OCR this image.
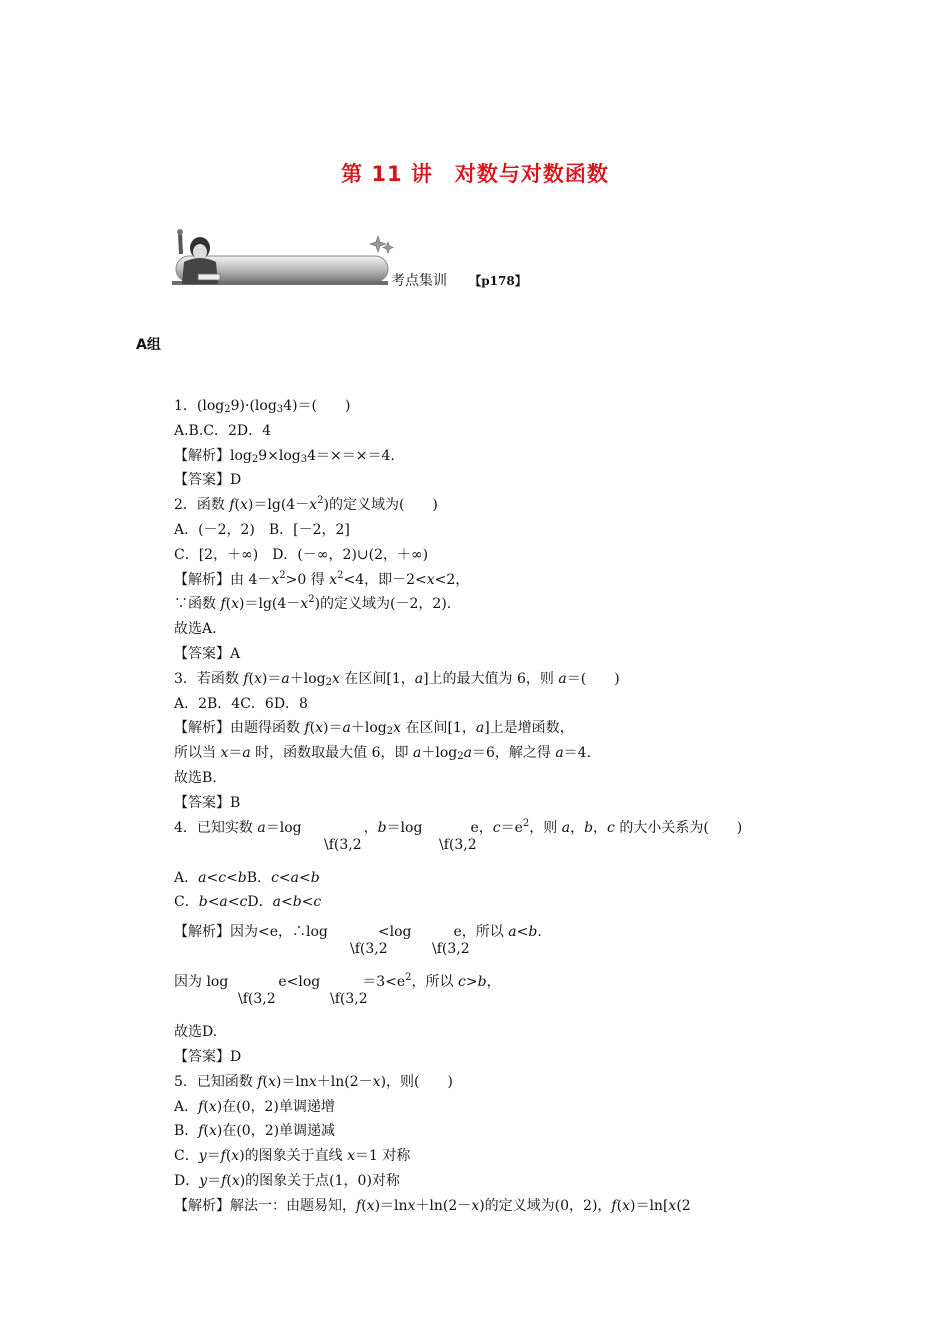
第 11 讲　对数与对数函数
考点集训 【p178】
A组
1．$(\log_29)\cdot(\log_34)=$(　　)
A.B.C．2D．4
【解析】$\log_29\times\log_34=\times=\times=4$.
【答案】D
2．函数 $f(x)=\lg(4-x^2)$的定义域为(　　)
A．(－2，2)　B．[－2，2]
C．[2，＋∞)　D．(－∞，2)∪(2，＋∞)
【解析】由 $4-x^2>0$ 得 $x^2<4$，即－2<x<2，
∵函数 $f(x)=\lg(4-x^2)$的定义域为(－2，2).
故选A.
【答案】A
3．若函数 $f(x)=a+\log_2x$ 在区间[1，a]上的最大值为 6，则 a＝(　　)
A．2B．4C．6D．8
【解析】由题得函数 $f(x)=a+\log_2x$ 在区间[1，a]上是增函数，
所以当 x＝a 时，函数取最大值 6，即 $a+\log_2a=6$，解之得 a＝4.
故选B.
【答案】B
4．已知实数 a＝log	，b＝log	e，$c=e^2$，则 a，b，c 的大小关系为(　　)
\f(3,2	\f(3,2
A．a<c<bB．c<a<b
C．b<a<cD．a<b<c
【解析】因为<e，∴log	<log	e，所以 a<b.
\f(3,2	\f(3,2
因为 log	e<log	$=3<e^2$，所以 c>b，
\f(3,2	\f(3,2
故选D.
【答案】D
5．已知函数 f(x)＝lnx＋ln(2－x)，则(　　)
A．f(x)在(0，2)单调递增
B．f(x)在(0，2)单调递减
C．y＝f(x)的图象关于直线 x＝1 对称
D．y＝f(x)的图象关于点(1，0)对称
【解析】解法一：由题易知，f(x)＝lnx＋ln(2－x)的定义域为(0，2)，f(x)＝ln[x(2
